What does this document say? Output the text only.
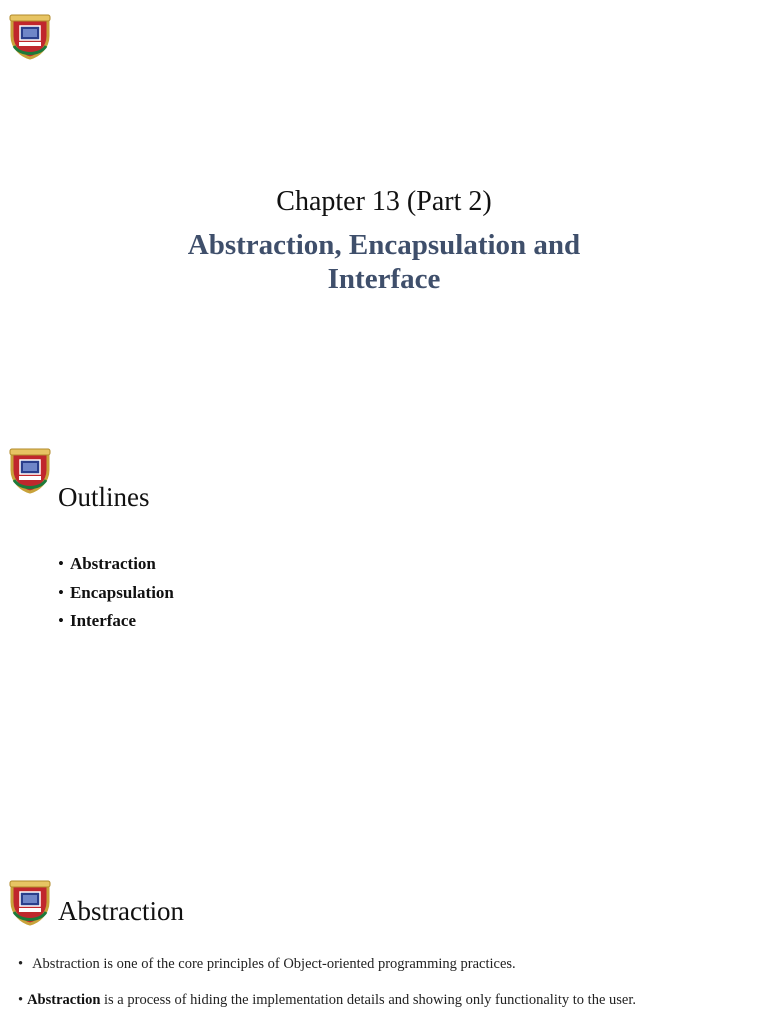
Chapter 13 (Part 2)
Abstraction, Encapsulation and Interface
Outlines
• Abstraction
• Encapsulation
• Interface
Abstraction
• Abstraction is one of the core principles of Object-oriented programming practices.
• Abstraction is a process of hiding the implementation details and showing only functionality to the user.
